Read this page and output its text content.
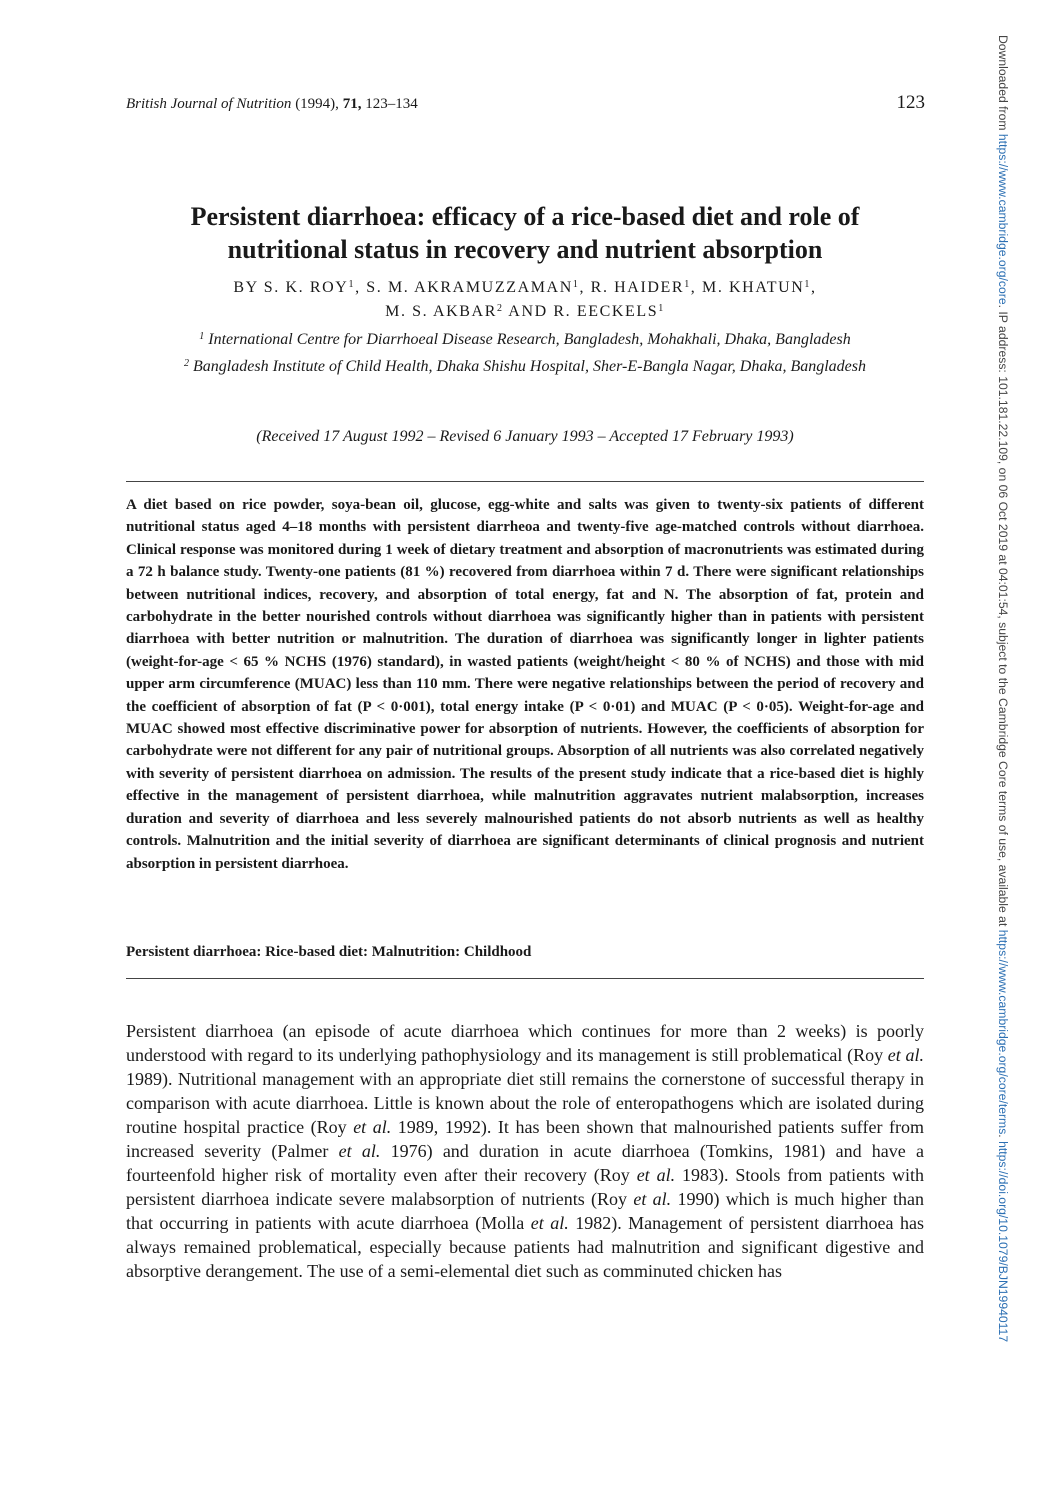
British Journal of Nutrition (1994), 71, 123–134	123
Persistent diarrhoea: efficacy of a rice-based diet and role of
nutritional status in recovery and nutrient absorption
BY S. K. ROY$^1$, S. M. AKRAMUZZAMAN$^1$, R. HAIDER$^1$, M. KHATUN$^1$,
M. S. AKBAR$^2$ AND R. EECKELS$^1$
$^1$ International Centre for Diarrhoeal Disease Research, Bangladesh, Mohakhali, Dhaka, Bangladesh
$^2$ Bangladesh Institute of Child Health, Dhaka Shishu Hospital, Sher-E-Bangla Nagar, Dhaka, Bangladesh
(Received 17 August 1992 – Revised 6 January 1993 – Accepted 17 February 1993)

A diet based on rice powder, soya-bean oil, glucose, egg-white and salts was given to twenty-six patients of different nutritional status aged 4–18 months with persistent diarrheoa and twenty-five age-matched controls without diarrhoea. Clinical response was monitored during 1 week of dietary treatment and absorption of macronutrients was estimated during a 72 h balance study. Twenty-one patients (81 %) recovered from diarrhoea within 7 d. There were significant relationships between nutritional indices, recovery, and absorption of total energy, fat and N. The absorption of fat, protein and carbohydrate in the better nourished controls without diarrhoea was significantly higher than in patients with persistent diarrhoea with better nutrition or malnutrition. The duration of diarrhoea was significantly longer in lighter patients (weight-for-age < 65 % NCHS (1976) standard), in wasted patients (weight/height < 80 % of NCHS) and those with mid upper arm circumference (MUAC) less than 110 mm. There were negative relationships between the period of recovery and the coefficient of absorption of fat (P < 0·001), total energy intake (P < 0·01) and MUAC (P < 0·05). Weight-for-age and MUAC showed most effective discriminative power for absorption of nutrients. However, the coefficients of absorption for carbohydrate were not different for any pair of nutritional groups. Absorption of all nutrients was also correlated negatively with severity of persistent diarrhoea on admission. The results of the present study indicate that a rice-based diet is highly effective in the management of persistent diarrhoea, while malnutrition aggravates nutrient malabsorption, increases duration and severity of diarrhoea and less severely malnourished patients do not absorb nutrients as well as healthy controls. Malnutrition and the initial severity of diarrhoea are significant determinants of clinical prognosis and nutrient absorption in persistent diarrhoea.

Persistent diarrhoea: Rice-based diet: Malnutrition: Childhood

Persistent diarrhoea (an episode of acute diarrhoea which continues for more than 2 weeks) is poorly understood with regard to its underlying pathophysiology and its management is still problematical (Roy et al. 1989). Nutritional management with an appropriate diet still remains the cornerstone of successful therapy in comparison with acute diarrhoea. Little is known about the role of enteropathogens which are isolated during routine hospital practice (Roy et al. 1989, 1992). It has been shown that malnourished patients suffer from increased severity (Palmer et al. 1976) and duration in acute diarrhoea (Tomkins, 1981) and have a fourteenfold higher risk of mortality even after their recovery (Roy et al. 1983). Stools from patients with persistent diarrhoea indicate severe malabsorption of nutrients (Roy et al. 1990) which is much higher than that occurring in patients with acute diarrhoea (Molla et al. 1982). Management of persistent diarrhoea has always remained problematical, especially because patients had malnutrition and significant digestive and absorptive derangement. The use of a semi-elemental diet such as comminuted chicken has

Downloaded from https://www.cambridge.org/core. IP address: 101.181.22.109, on 06 Oct 2019 at 04:01:54, subject to the Cambridge Core terms of use, available at https://www.cambridge.org/core/terms. https://doi.org/10.1079/BJN19940117
